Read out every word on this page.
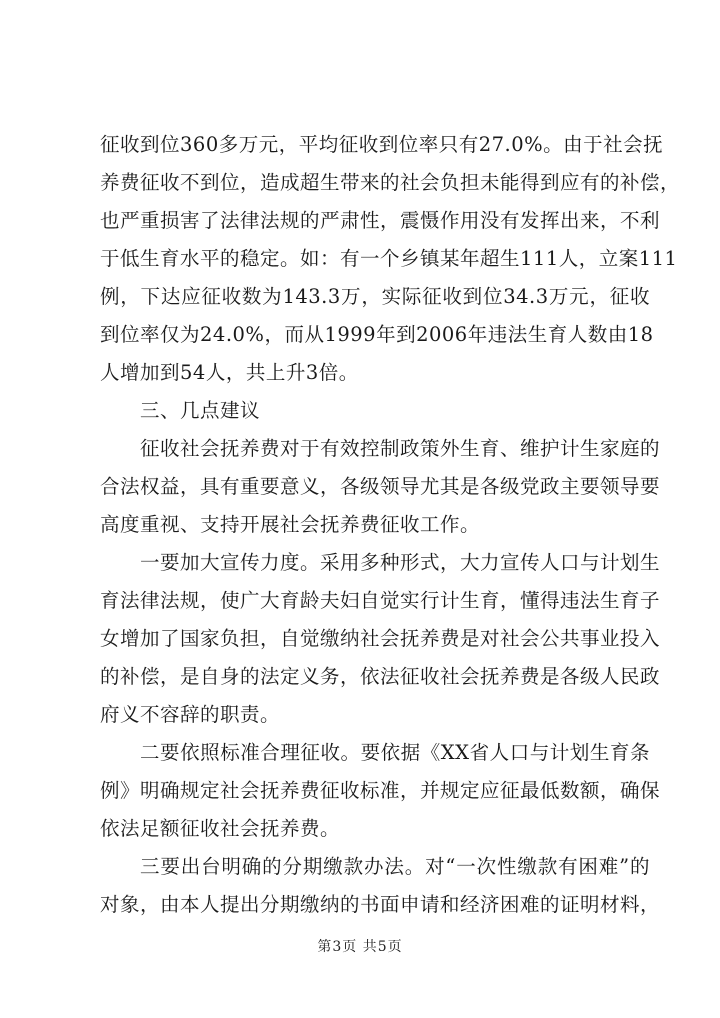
征收到位360多万元，平均征收到位率只有27.0%。由于社会抚
养费征收不到位，造成超生带来的社会负担未能得到应有的补偿，
也严重损害了法律法规的严肃性，震慑作用没有发挥出来，不利
于低生育水平的稳定。如：有一个乡镇某年超生111人，立案111
例，下达应征收数为143.3万，实际征收到位34.3万元，征收
到位率仅为24.0%，而从1999年到2006年违法生育人数由18
人增加到54人，共上升3倍。
三、几点建议
征收社会抚养费对于有效控制政策外生育、维护计生家庭的
合法权益，具有重要意义，各级领导尤其是各级党政主要领导要
高度重视、支持开展社会抚养费征收工作。
一要加大宣传力度。采用多种形式，大力宣传人口与计划生
育法律法规，使广大育龄夫妇自觉实行计生育，懂得违法生育子
女增加了国家负担，自觉缴纳社会抚养费是对社会公共事业投入
的补偿，是自身的法定义务，依法征收社会抚养费是各级人民政
府义不容辞的职责。
二要依照标准合理征收。要依据《XX省人口与计划生育条
例》明确规定社会抚养费征收标准，并规定应征最低数额，确保
依法足额征收社会抚养费。
三要出台明确的分期缴款办法。对“一次性缴款有困难”的
对象，由本人提出分期缴纳的书面申请和经济困难的证明材料，
第3页 共5页
